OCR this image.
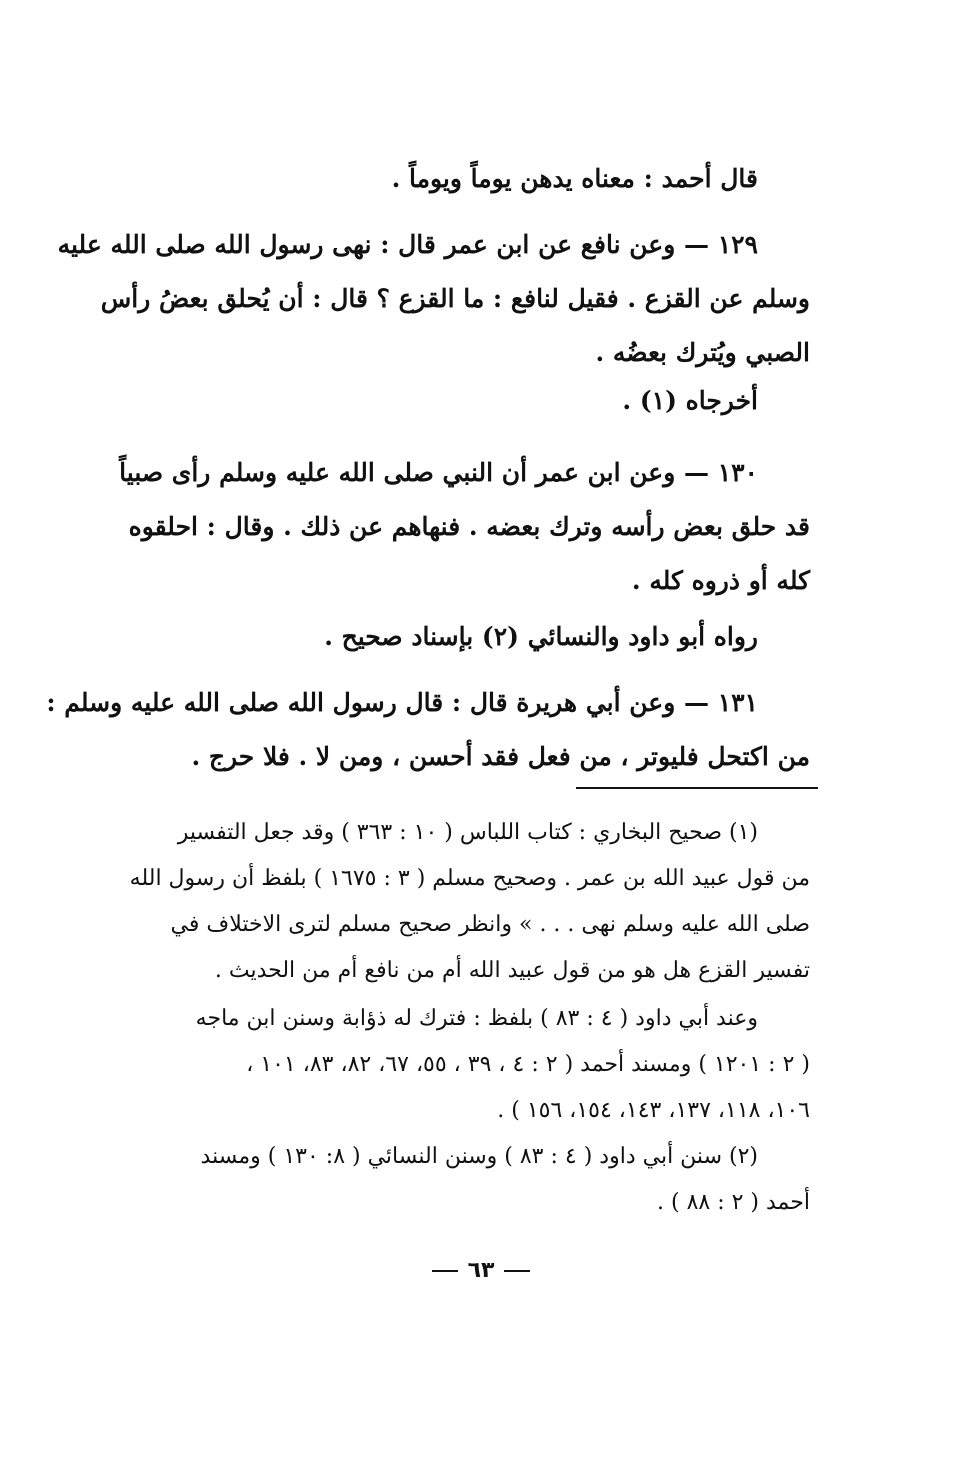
قال أحمد : معناه يدهن يوماً ويوماً .
١٢٩ — وعن نافع عن ابن عمر قال : نهى رسول الله صلى الله عليه
وسلم عن القزع . فقيل لنافع : ما القزع ؟ قال : أن يُحلق بعضُ رأس
الصبي ويُترك بعضُه .
أخرجاه (١) .
١٣٠ — وعن ابن عمر أن النبي صلى الله عليه وسلم رأى صبياً
قد حلق بعض رأسه وترك بعضه . فنهاهم عن ذلك . وقال : احلقوه
كله أو ذروه كله .
رواه أبو داود والنسائي (٢) بإسناد صحيح .
١٣١ — وعن أبي هريرة قال : قال رسول الله صلى الله عليه وسلم :
من اكتحل فليوتر ، من فعل فقد أحسن ، ومن لا . فلا حرج .
(١) صحيح البخاري : كتاب اللباس ( ١٠ : ٣٦٣ ) وقد جعل التفسير
من قول عبيد الله بن عمر . وصحيح مسلم ( ٣ : ١٦٧٥ ) بلفظ أن رسول الله
صلى الله عليه وسلم نهى . . . » وانظر صحيح مسلم لترى الاختلاف في
تفسير القزع هل هو من قول عبيد الله أم من نافع أم من الحديث .
وعند أبي داود ( ٤ : ٨٣ ) بلفظ : فترك له ذؤابة وسنن ابن ماجه
( ٢ : ١٢٠١ ) ومسند أحمد ( ٢ : ٤ ، ٣٩ ، ٥٥، ٦٧، ٨٢، ٨٣، ١٠١ ،
١٠٦، ١١٨، ١٣٧، ١٤٣، ١٥٤، ١٥٦ ) .
(٢) سنن أبي داود ( ٤ : ٨٣ ) وسنن النسائي ( ٨: ١٣٠ ) ومسند
أحمد ( ٢ : ٨٨ ) .
٦٣
